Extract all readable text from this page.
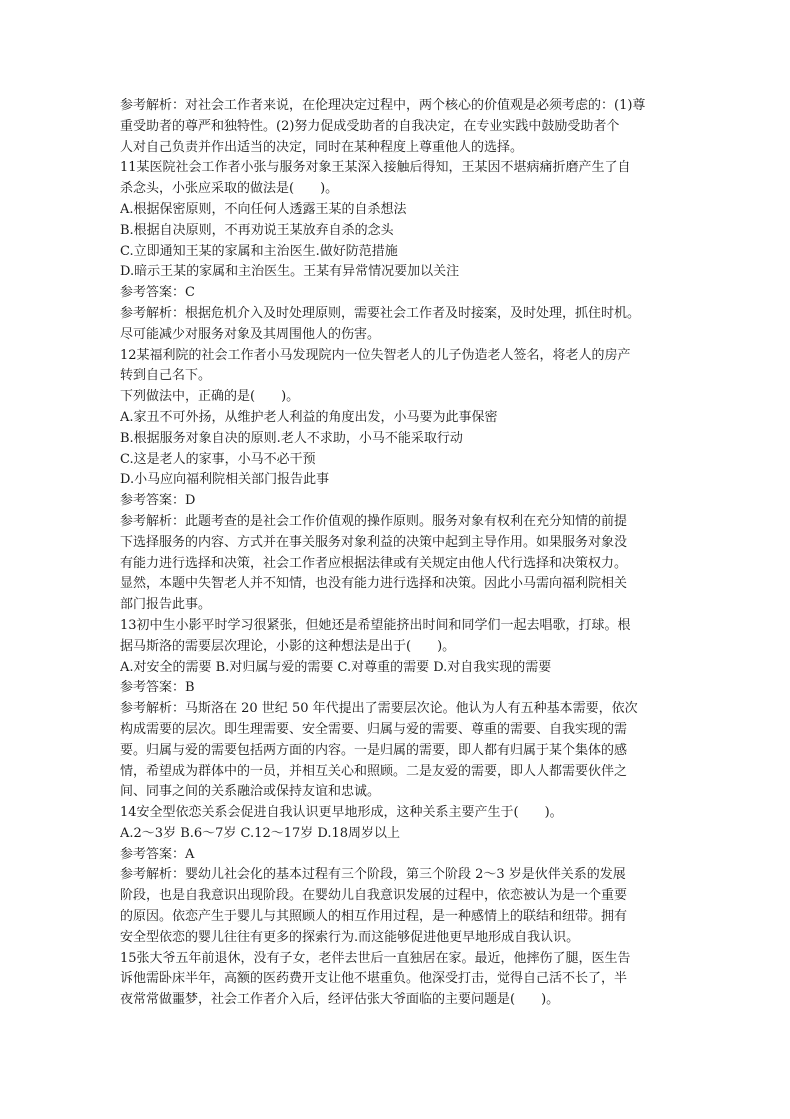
参考解析：对社会工作者来说，在伦理决定过程中，两个核心的价值观是必须考虑的：(1)尊
重受助者的尊严和独特性。(2)努力促成受助者的自我决定，在专业实践中鼓励受助者个
人对自己负责并作出适当的决定，同时在某种程度上尊重他人的选择。
11某医院社会工作者小张与服务对象王某深入接触后得知，王某因不堪病痛折磨产生了自
杀念头，小张应采取的做法是(　　)。
A.根据保密原则，不向任何人透露王某的自杀想法
B.根据自决原则，不再劝说王某放弃自杀的念头
C.立即通知王某的家属和主治医生.做好防范措施
D.暗示王某的家属和主治医生。王某有异常情况要加以关注
参考答案：C
参考解析：根据危机介入及时处理原则，需要社会工作者及时接案，及时处理，抓住时机。
尽可能减少对服务对象及其周围他人的伤害。
12某福利院的社会工作者小马发现院内一位失智老人的儿子伪造老人签名，将老人的房产
转到自己名下。
下列做法中，正确的是(　　)。
A.家丑不可外扬，从维护老人利益的角度出发，小马要为此事保密
B.根据服务对象自决的原则.老人不求助，小马不能采取行动
C.这是老人的家事，小马不必干预
D.小马应向福利院相关部门报告此事
参考答案：D
参考解析：此题考查的是社会工作价值观的操作原则。服务对象有权利在充分知情的前提
下选择服务的内容、方式并在事关服务对象利益的决策中起到主导作用。如果服务对象没
有能力进行选择和决策，社会工作者应根据法律或有关规定由他人代行选择和决策权力。
显然，本题中失智老人并不知情，也没有能力进行选择和决策。因此小马需向福利院相关
部门报告此事。
13初中生小影平时学习很紧张，但她还是希望能挤出时间和同学们一起去唱歌，打球。根
据马斯洛的需要层次理论，小影的这种想法是出于(　　)。
A.对安全的需要 B.对归属与爱的需要 C.对尊重的需要 D.对自我实现的需要
参考答案：B
参考解析：马斯洛在 20 世纪 50 年代提出了需要层次论。他认为人有五种基本需要，依次
构成需要的层次。即生理需要、安全需要、归属与爱的需要、尊重的需要、自我实现的需
要。归属与爱的需要包括两方面的内容。一是归属的需要，即人都有归属于某个集体的感
情，希望成为群体中的一员，并相互关心和照顾。二是友爱的需要，即人人都需要伙伴之
间、同事之间的关系融洽或保持友谊和忠诚。
14安全型依恋关系会促进自我认识更早地形成，这种关系主要产生于(　　)。
A.2～3岁 B.6～7岁 C.12～17岁 D.18周岁以上
参考答案：A
参考解析：婴幼儿社会化的基本过程有三个阶段，第三个阶段 2～3 岁是伙伴关系的发展
阶段，也是自我意识出现阶段。在婴幼儿自我意识发展的过程中，依恋被认为是一个重要
的原因。依恋产生于婴儿与其照顾人的相互作用过程，是一种感情上的联结和纽带。拥有
安全型依恋的婴儿往往有更多的探索行为.而这能够促进他更早地形成自我认识。
15张大爷五年前退休，没有子女，老伴去世后一直独居在家。最近，他摔伤了腿，医生告
诉他需卧床半年，高额的医药费开支让他不堪重负。他深受打击，觉得自己活不长了，半
夜常常做噩梦，社会工作者介入后，经评估张大爷面临的主要问题是(　　)。
